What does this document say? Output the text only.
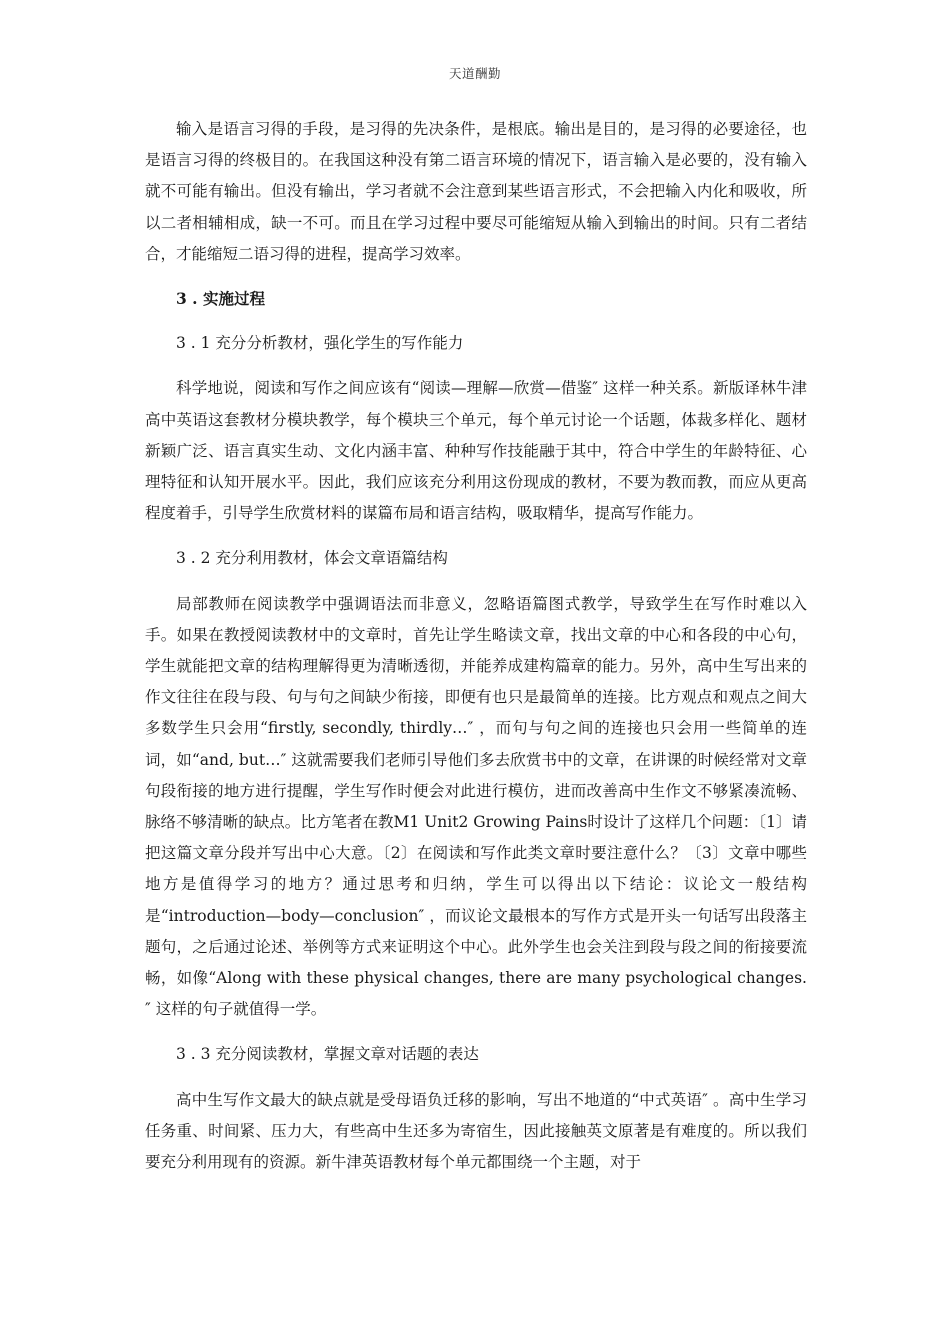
天道酬勤

输入是语言习得的手段，是习得的先决条件，是根底。输出是目的，是习得的必要途径，也是语言习得的终极目的。在我国这种没有第二语言环境的情况下，语言输入是必要的，没有输入就不可能有输出。但没有输出，学习者就不会注意到某些语言形式，不会把输入内化和吸收，所以二者相辅相成，缺一不可。而且在学习过程中要尽可能缩短从输入到输出的时间。只有二者结合，才能缩短二语习得的进程，提高学习效率。

3 . 实施过程

3 . 1 充分分析教材，强化学生的写作能力

科学地说，阅读和写作之间应该有“阅读—理解—欣赏—借鉴″ 这样一种关系。新版译林牛津高中英语这套教材分模块教学，每个模块三个单元，每个单元讨论一个话题，体裁多样化、题材新颖广泛、语言真实生动、文化内涵丰富、种种写作技能融于其中，符合中学生的年龄特征、心理特征和认知开展水平。因此，我们应该充分利用这份现成的教材，不要为教而教，而应从更高程度着手，引导学生欣赏材料的谋篇布局和语言结构，吸取精华，提高写作能力。

3 . 2 充分利用教材，体会文章语篇结构

局部教师在阅读教学中强调语法而非意义，忽略语篇图式教学，导致学生在写作时难以入手。如果在教授阅读教材中的文章时，首先让学生略读文章，找出文章的中心和各段的中心句，学生就能把文章的结构理解得更为清晰透彻，并能养成建构篇章的能力。另外，高中生写出来的作文往往在段与段、句与句之间缺少衔接，即便有也只是最简单的连接。比方观点和观点之间大多数学生只会用“firstly, secondly, thirdly…″ ，而句与句之间的连接也只会用一些简单的连词，如“and, but…″ 这就需要我们老师引导他们多去欣赏书中的文章，在讲课的时候经常对文章句段衔接的地方进行提醒，学生写作时便会对此进行模仿，进而改善高中生作文不够紧凑流畅、脉络不够清晰的缺点。比方笔者在教M1 Unit2 Growing Pains时设计了这样几个问题：〔1〕请把这篇文章分段并写出中心大意。〔2〕在阅读和写作此类文章时要注意什么？〔3〕文章中哪些地方是值得学习的地方？通过思考和归纳，学生可以得出以下结论：议论文一般结构是“introduction—body—conclusion″ ，而议论文最根本的写作方式是开头一句话写出段落主题句，之后通过论述、举例等方式来证明这个中心。此外学生也会关注到段与段之间的衔接要流畅，如像“Along with these physical changes, there are many psychological changes.″ 这样的句子就值得一学。

3 . 3 充分阅读教材，掌握文章对话题的表达

高中生写作文最大的缺点就是受母语负迁移的影响，写出不地道的“中式英语″ 。高中生学习任务重、时间紧、压力大，有些高中生还多为寄宿生，因此接触英文原著是有难度的。所以我们要充分利用现有的资源。新牛津英语教材每个单元都围绕一个主题，对于
